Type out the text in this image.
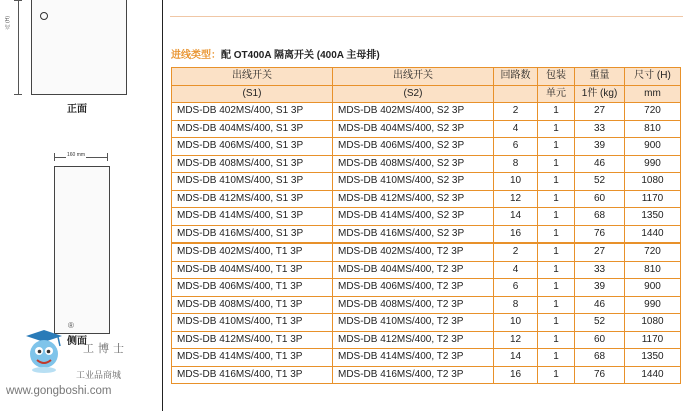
高 (H)
正面
160 mm
®
侧面
工博士
工业品商城
www.gongboshi.com
进线类型：配 OT400A 隔离开关 (400A 主母排)
出线开关	出线开关	回路数	包装	重量	尺寸 (H)
(S1)	(S2)		单元	1件 (kg)	mm
MDS-DB 402MS/400, S1 3P	MDS-DB 402MS/400, S2 3P	2	1	27	720
MDS-DB 404MS/400, S1 3P	MDS-DB 404MS/400, S2 3P	4	1	33	810
MDS-DB 406MS/400, S1 3P	MDS-DB 406MS/400, S2 3P	6	1	39	900
MDS-DB 408MS/400, S1 3P	MDS-DB 408MS/400, S2 3P	8	1	46	990
MDS-DB 410MS/400, S1 3P	MDS-DB 410MS/400, S2 3P	10	1	52	1080
MDS-DB 412MS/400, S1 3P	MDS-DB 412MS/400, S2 3P	12	1	60	1170
MDS-DB 414MS/400, S1 3P	MDS-DB 414MS/400, S2 3P	14	1	68	1350
MDS-DB 416MS/400, S1 3P	MDS-DB 416MS/400, S2 3P	16	1	76	1440
MDS-DB 402MS/400, T1 3P	MDS-DB 402MS/400, T2 3P	2	1	27	720
MDS-DB 404MS/400, T1 3P	MDS-DB 404MS/400, T2 3P	4	1	33	810
MDS-DB 406MS/400, T1 3P	MDS-DB 406MS/400, T2 3P	6	1	39	900
MDS-DB 408MS/400, T1 3P	MDS-DB 408MS/400, T2 3P	8	1	46	990
MDS-DB 410MS/400, T1 3P	MDS-DB 410MS/400, T2 3P	10	1	52	1080
MDS-DB 412MS/400, T1 3P	MDS-DB 412MS/400, T2 3P	12	1	60	1170
MDS-DB 414MS/400, T1 3P	MDS-DB 414MS/400, T2 3P	14	1	68	1350
MDS-DB 416MS/400, T1 3P	MDS-DB 416MS/400, T2 3P	16	1	76	1440
